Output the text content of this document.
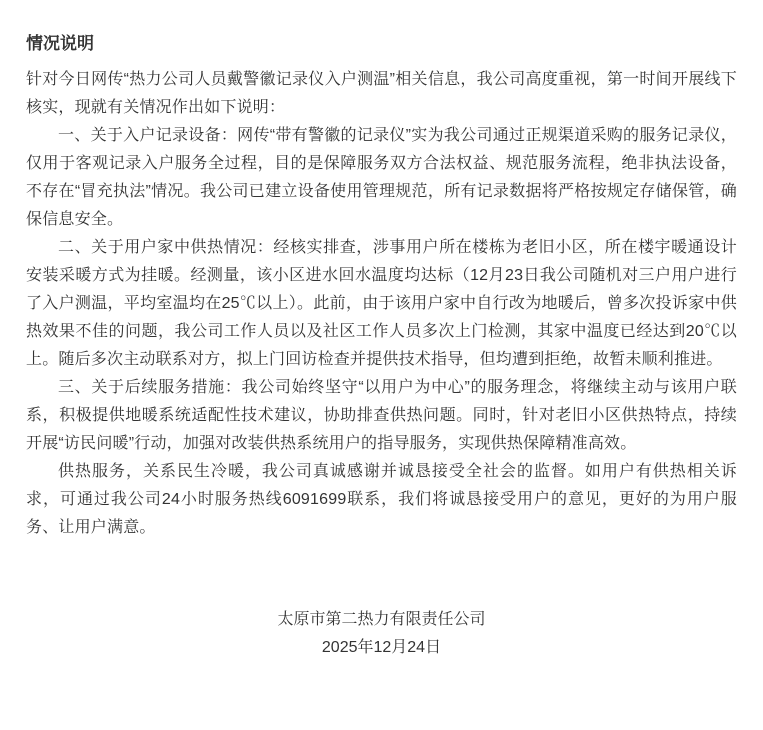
情况说明

针对今日网传“热力公司人员戴警徽记录仪入户测温”相关信息，我公司高度重视，第一时间开展线下核实，现就有关情况作出如下说明：

一、关于入户记录设备：网传“带有警徽的记录仪”实为我公司通过正规渠道采购的服务记录仪，仅用于客观记录入户服务全过程，目的是保障服务双方合法权益、规范服务流程，绝非执法设备，不存在“冒充执法”情况。我公司已建立设备使用管理规范，所有记录数据将严格按规定存储保管，确保信息安全。

二、关于用户家中供热情况：经核实排查，涉事用户所在楼栋为老旧小区，所在楼宇暖通设计安装采暖方式为挂暖。经测量，该小区进水回水温度均达标（12月23日我公司随机对三户用户进行了入户测温，平均室温均在25℃以上）。此前，由于该用户家中自行改为地暖后，曾多次投诉家中供热效果不佳的问题，我公司工作人员以及社区工作人员多次上门检测，其家中温度已经达到20℃以上。随后多次主动联系对方，拟上门回访检查并提供技术指导，但均遭到拒绝，故暂未顺利推进。

三、关于后续服务措施：我公司始终坚守“以用户为中心”的服务理念，将继续主动与该用户联系，积极提供地暖系统适配性技术建议，协助排查供热问题。同时，针对老旧小区供热特点，持续开展“访民问暖”行动，加强对改装供热系统用户的指导服务，实现供热保障精准高效。

供热服务，关系民生冷暖，我公司真诚感谢并诚恳接受全社会的监督。如用户有供热相关诉求，可通过我公司24小时服务热线6091699联系，我们将诚恳接受用户的意见，更好的为用户服务、让用户满意。

太原市第二热力有限责任公司

2025年12月24日
